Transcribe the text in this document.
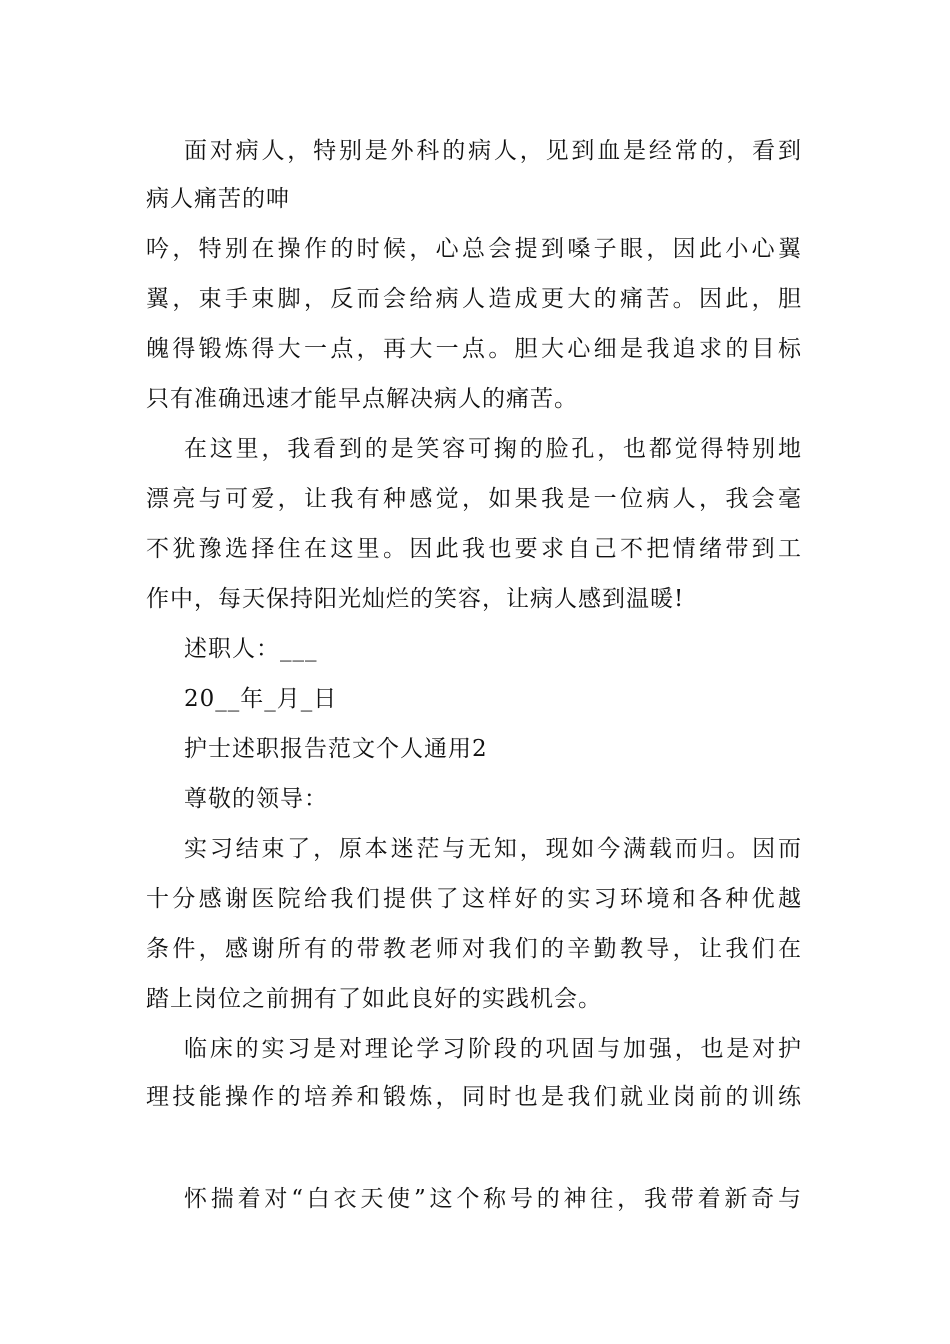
面对病人，特别是外科的病人，见到血是经常的，看到
病人痛苦的呻
吟，特别在操作的时候，心总会提到嗓子眼，因此小心翼
翼，束手束脚，反而会给病人造成更大的痛苦。因此，胆
魄得锻炼得大一点，再大一点。胆大心细是我追求的目标
只有准确迅速才能早点解决病人的痛苦。
在这里，我看到的是笑容可掬的脸孔，也都觉得特别地
漂亮与可爱，让我有种感觉，如果我是一位病人，我会毫
不犹豫选择住在这里。因此我也要求自己不把情绪带到工
作中，每天保持阳光灿烂的笑容，让病人感到温暖!
述职人：___
20__年_月_日
护士述职报告范文个人通用2
尊敬的领导：
实习结束了，原本迷茫与无知，现如今满载而归。因而
十分感谢医院给我们提供了这样好的实习环境和各种优越
条件，感谢所有的带教老师对我们的辛勤教导，让我们在
踏上岗位之前拥有了如此良好的实践机会。
临床的实习是对理论学习阶段的巩固与加强，也是对护
理技能操作的培养和锻炼，同时也是我们就业岗前的训练
怀揣着对“白衣天使”这个称号的神往，我带着新奇与
